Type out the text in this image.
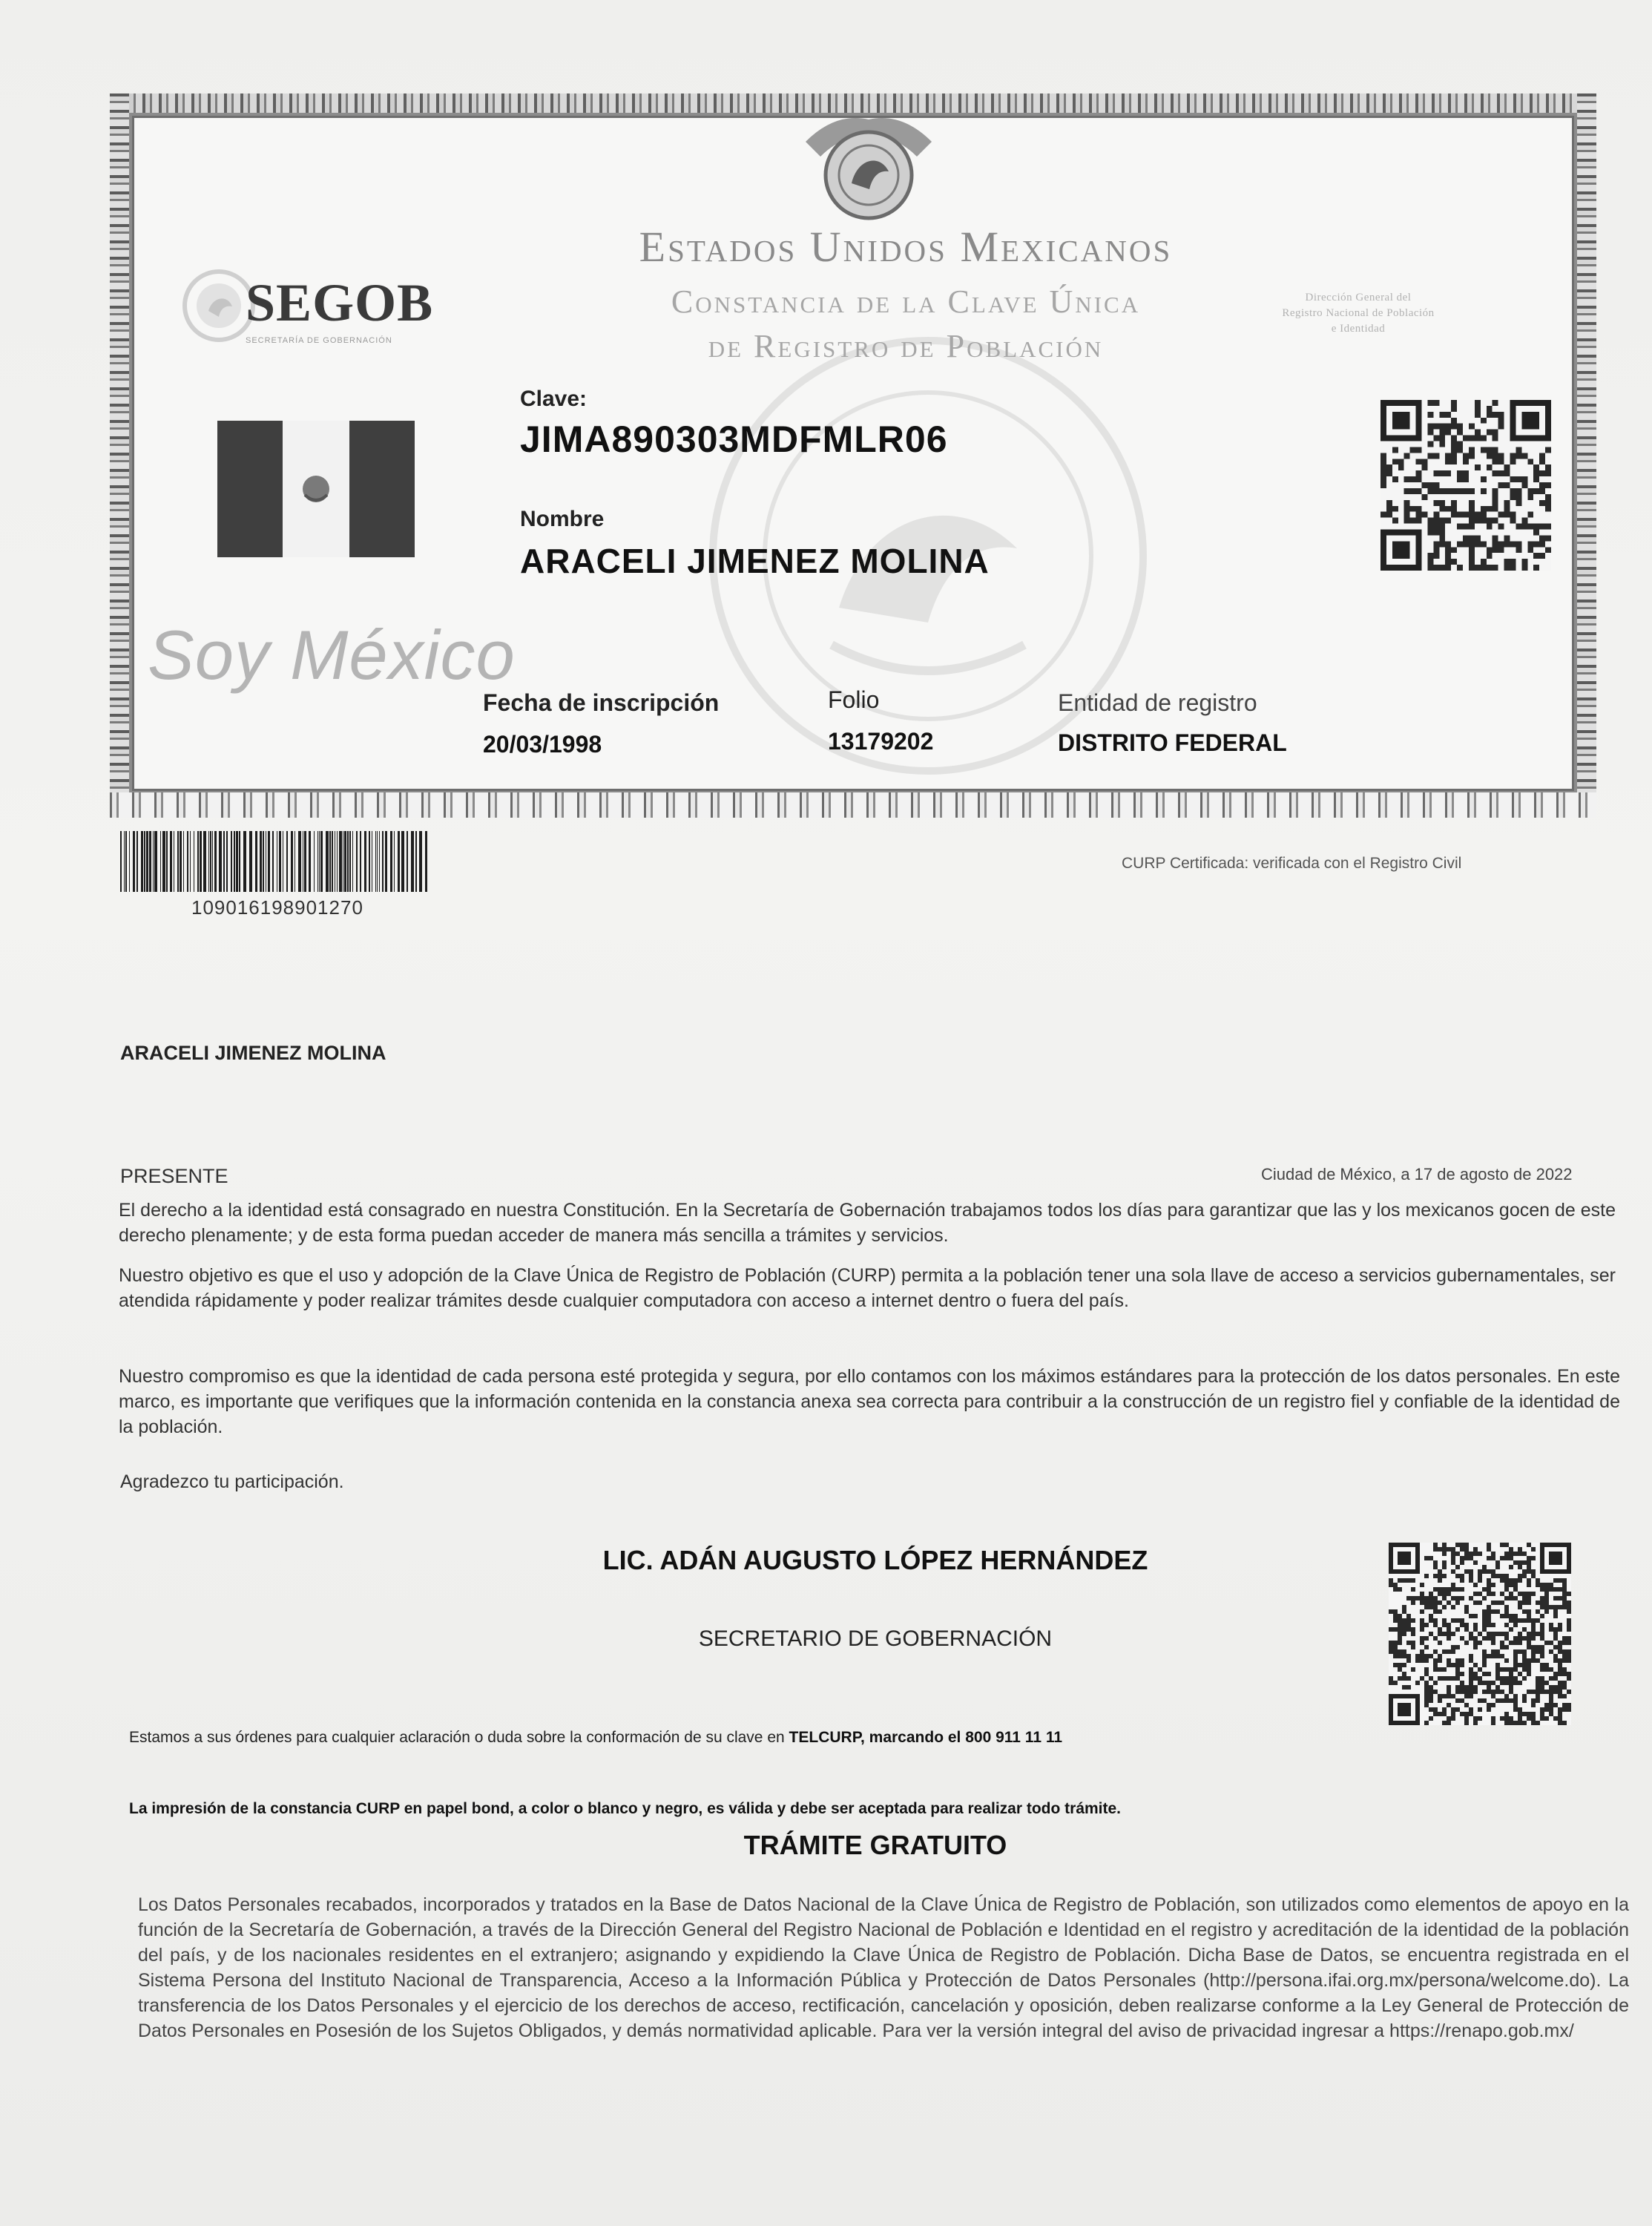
Estados Unidos Mexicanos
Constancia de la Clave Única
de Registro de Población
SEGOB
SECRETARÍA DE GOBERNACIÓN
Dirección General del
Registro Nacional de Población
e Identidad
Clave:
JIMA890303MDFMLR06
Nombre
ARACELI JIMENEZ MOLINA
Soy México
Fecha de inscripción
20/03/1998
Folio
13179202
Entidad de registro
DISTRITO FEDERAL
109016198901270
CURP Certificada: verificada con el Registro Civil
ARACELI JIMENEZ MOLINA
PRESENTE	Ciudad de México, a 17 de agosto de 2022
El derecho a la identidad está consagrado en nuestra Constitución. En la Secretaría de Gobernación trabajamos todos los días para garantizar que las y los mexicanos gocen de este derecho plenamente; y de esta forma puedan acceder de manera más sencilla a trámites y servicios.
Nuestro objetivo es que el uso y adopción de la Clave Única de Registro de Población (CURP) permita a la población tener una sola llave de acceso a servicios gubernamentales, ser atendida rápidamente y poder realizar trámites desde cualquier computadora con acceso a internet dentro o fuera del país.
Nuestro compromiso es que la identidad de cada persona esté protegida y segura, por ello contamos con los máximos estándares para la protección de los datos personales. En este marco, es importante que verifiques que la información contenida en la constancia anexa sea correcta para contribuir a la construcción de un registro fiel y confiable de la identidad de la población.
Agradezco tu participación.
LIC. ADÁN AUGUSTO LÓPEZ HERNÁNDEZ
SECRETARIO DE GOBERNACIÓN
Estamos a sus órdenes para cualquier aclaración o duda sobre la conformación de su clave en TELCURP, marcando el 800 911 11 11
La impresión de la constancia CURP en papel bond, a color o blanco y negro, es válida y debe ser aceptada para realizar todo trámite.
TRÁMITE GRATUITO
Los Datos Personales recabados, incorporados y tratados en la Base de Datos Nacional de la Clave Única de Registro de Población, son utilizados como elementos de apoyo en la función de la Secretaría de Gobernación, a través de la Dirección General del Registro Nacional de Población e Identidad en el registro y acreditación de la identidad de la población del país, y de los nacionales residentes en el extranjero; asignando y expidiendo la Clave Única de Registro de Población. Dicha Base de Datos, se encuentra registrada en el Sistema Persona del Instituto Nacional de Transparencia, Acceso a la Información Pública y Protección de Datos Personales (http://persona.ifai.org.mx/persona/welcome.do). La transferencia de los Datos Personales y el ejercicio de los derechos de acceso, rectificación, cancelación y oposición, deben realizarse conforme a la Ley General de Protección de Datos Personales en Posesión de los Sujetos Obligados, y demás normatividad aplicable. Para ver la versión integral del aviso de privacidad ingresar a https://renapo.gob.mx/
